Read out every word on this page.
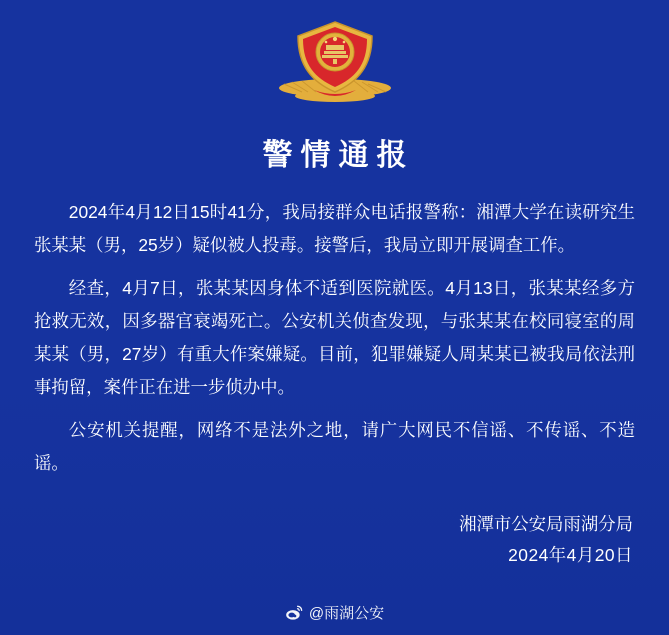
警情通报

2024年4月12日15时41分，我局接群众电话报警称：湘潭大学在读研究生张某某（男，25岁）疑似被人投毒。接警后，我局立即开展调查工作。

经查，4月7日，张某某因身体不适到医院就医。4月13日，张某某经多方抢救无效，因多器官衰竭死亡。公安机关侦查发现，与张某某在校同寝室的周某某（男，27岁）有重大作案嫌疑。目前，犯罪嫌疑人周某某已被我局依法刑事拘留，案件正在进一步侦办中。

公安机关提醒，网络不是法外之地，请广大网民不信谣、不传谣、不造谣。

湘潭市公安局雨湖分局
2024年4月20日
@雨湖公安
